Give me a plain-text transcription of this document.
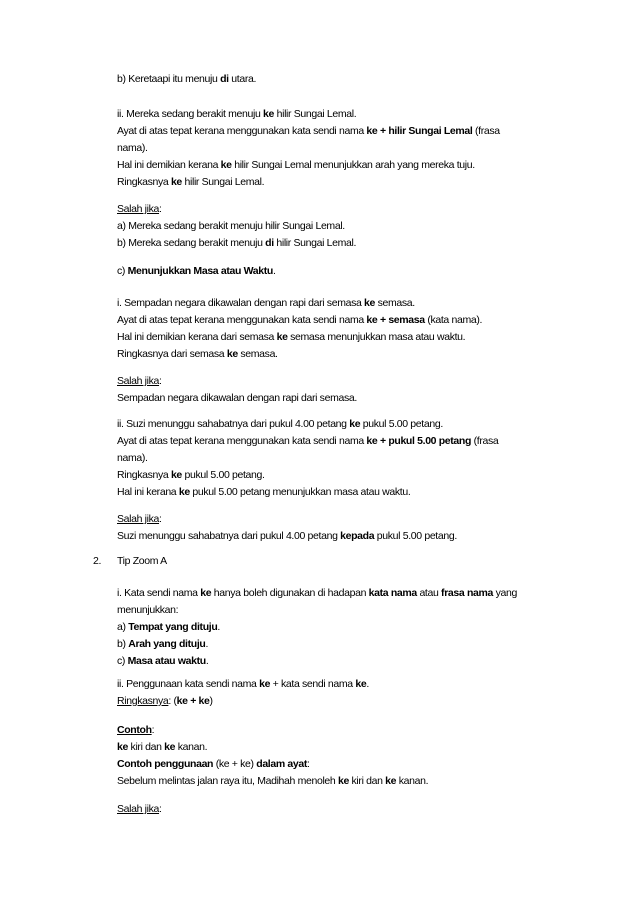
b) Keretaapi itu menuju di utara.
ii. Mereka sedang berakit menuju ke hilir Sungai Lemal.
Ayat di atas tepat kerana menggunakan kata sendi nama ke + hilir Sungai Lemal (frasa
nama).
Hal ini demikian kerana ke hilir Sungai Lemal menunjukkan arah yang mereka tuju.
Ringkasnya ke hilir Sungai Lemal.
Salah jika:
a) Mereka sedang berakit menuju hilir Sungai Lemal.
b) Mereka sedang berakit menuju di hilir Sungai Lemal.
c) Menunjukkan Masa atau Waktu.
i. Sempadan negara dikawalan dengan rapi dari semasa ke semasa.
Ayat di atas tepat kerana menggunakan kata sendi nama ke + semasa (kata nama).
Hal ini demikian kerana dari semasa ke semasa menunjukkan masa atau waktu.
Ringkasnya dari semasa ke semasa.
Salah jika:
Sempadan negara dikawalan dengan rapi dari semasa.
ii. Suzi menunggu sahabatnya dari pukul 4.00 petang ke pukul 5.00 petang.
Ayat di atas tepat kerana menggunakan kata sendi nama ke + pukul 5.00 petang (frasa
nama).
Ringkasnya ke pukul 5.00 petang.
Hal ini kerana ke pukul 5.00 petang menunjukkan masa atau waktu.
Salah jika:
Suzi menunggu sahabatnya dari pukul 4.00 petang kepada pukul 5.00 petang.
2. Tip Zoom A
i. Kata sendi nama ke hanya boleh digunakan di hadapan kata nama atau frasa nama yang
menunjukkan:
a) Tempat yang dituju.
b) Arah yang dituju.
c) Masa atau waktu.
ii. Penggunaan kata sendi nama ke + kata sendi nama ke.
Ringkasnya: (ke + ke)
Contoh:
ke kiri dan ke kanan.
Contoh penggunaan (ke + ke) dalam ayat:
Sebelum melintas jalan raya itu, Madihah menoleh ke kiri dan ke kanan.
Salah jika:
